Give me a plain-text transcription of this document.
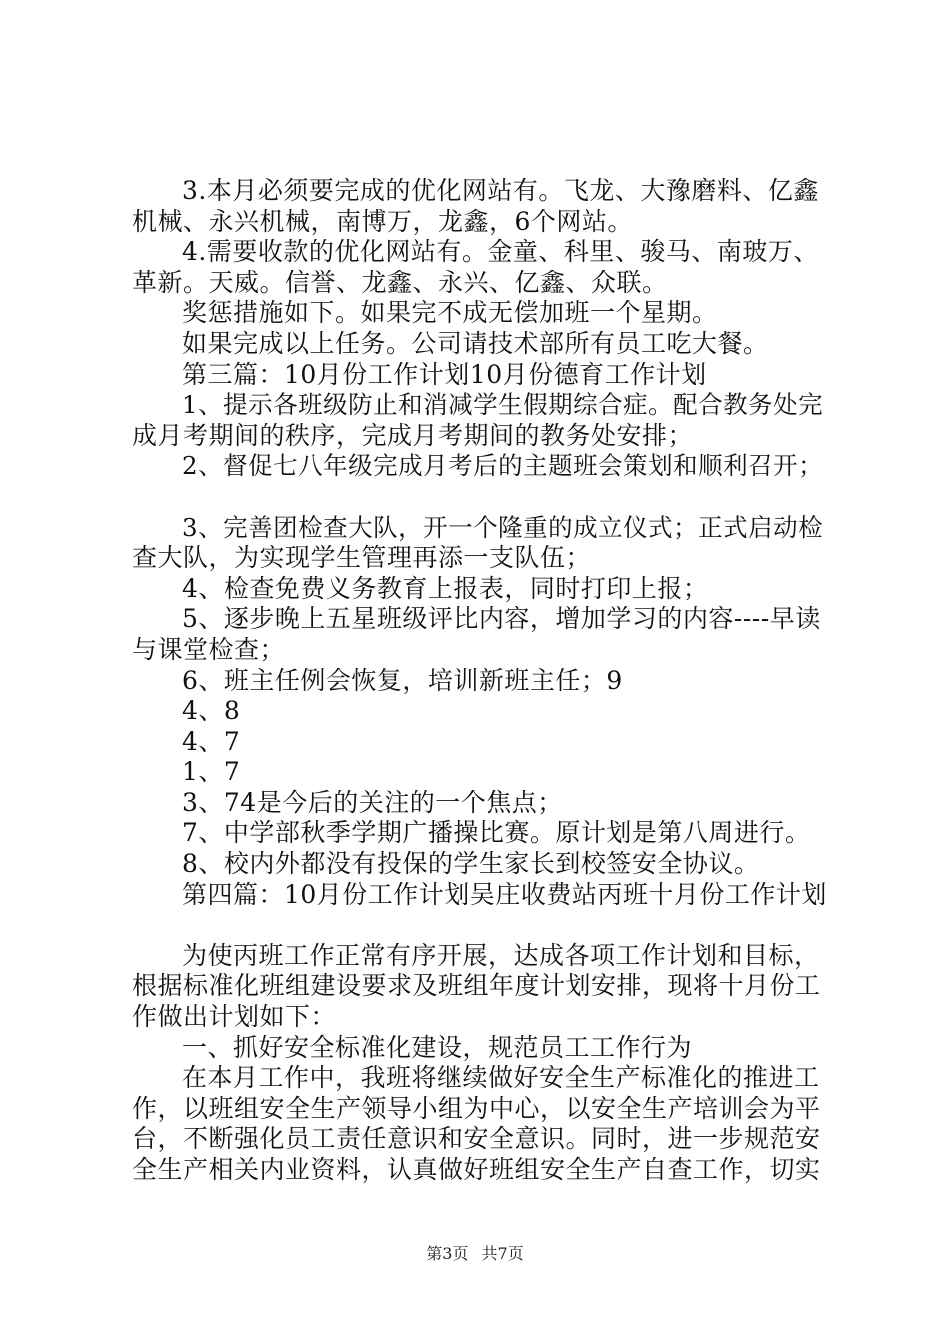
3.本月必须要完成的优化网站有。飞龙、大豫磨料、亿鑫
机械、永兴机械，南博万，龙鑫，6个网站。
4.需要收款的优化网站有。金童、科里、骏马、南玻万、
革新。天威。信誉、龙鑫、永兴、亿鑫、众联。
奖惩措施如下。如果完不成无偿加班一个星期。
如果完成以上任务。公司请技术部所有员工吃大餐。
第三篇：10月份工作计划10月份德育工作计划
1、提示各班级防止和消减学生假期综合症。配合教务处完
成月考期间的秩序，完成月考期间的教务处安排；
2、督促七八年级完成月考后的主题班会策划和顺利召开；
3、完善团检查大队，开一个隆重的成立仪式；正式启动检
查大队，为实现学生管理再添一支队伍；
4、检查免费义务教育上报表，同时打印上报；
5、逐步晚上五星班级评比内容，增加学习的内容----早读
与课堂检查；
6、班主任例会恢复，培训新班主任；9
4、8
4、7
1、7
3、74是今后的关注的一个焦点；
7、中学部秋季学期广播操比赛。原计划是第八周进行。
8、校内外都没有投保的学生家长到校签安全协议。
第四篇：10月份工作计划吴庄收费站丙班十月份工作计划
为使丙班工作正常有序开展，达成各项工作计划和目标，
根据标准化班组建设要求及班组年度计划安排，现将十月份工
作做出计划如下：
一、抓好安全标准化建设，规范员工工作行为
在本月工作中，我班将继续做好安全生产标准化的推进工
作，以班组安全生产领导小组为中心，以安全生产培训会为平
台，不断强化员工责任意识和安全意识。同时，进一步规范安
全生产相关内业资料，认真做好班组安全生产自查工作，切实
第3页 共7页
